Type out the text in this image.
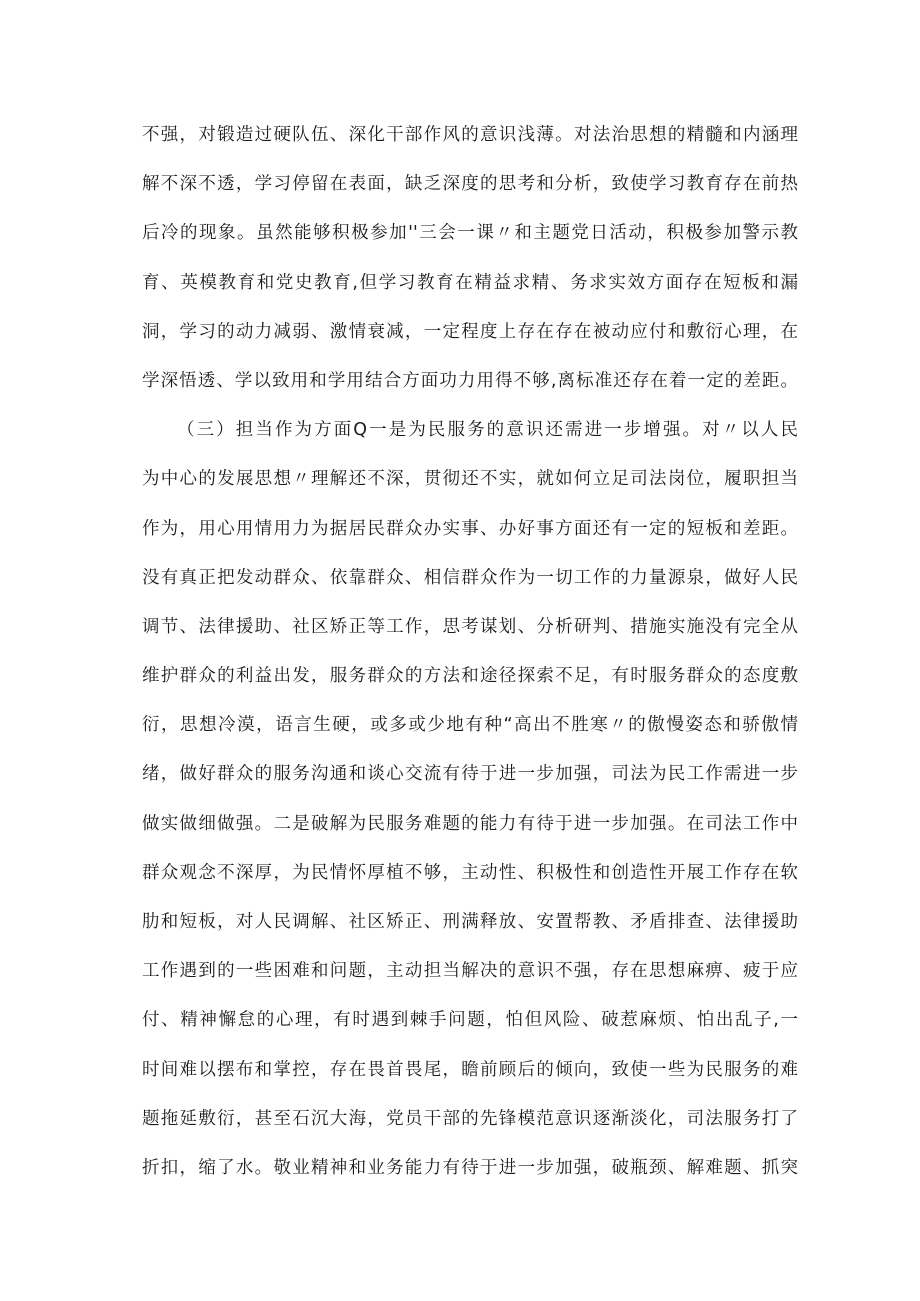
不强，对锻造过硬队伍、深化干部作风的意识浅薄。对法治思想的精髓和内涵理
解不深不透，学习停留在表面，缺乏深度的思考和分析，致使学习教育存在前热
后冷的现象。虽然能够积极参加''三会一课〃和主题党日活动，积极参加警示教
育、英模教育和党史教育,但学习教育在精益求精、务求实效方面存在短板和漏
洞，学习的动力减弱、激情衰减，一定程度上存在存在被动应付和敷衍心理，在
学深悟透、学以致用和学用结合方面功力用得不够,离标准还存在着一定的差距。
（三）担当作为方面Q一是为民服务的意识还需进一步增强。对〃以人民
为中心的发展思想〃理解还不深，贯彻还不实，就如何立足司法岗位，履职担当
作为，用心用情用力为据居民群众办实事、办好事方面还有一定的短板和差距。
没有真正把发动群众、依靠群众、相信群众作为一切工作的力量源泉，做好人民
调节、法律援助、社区矫正等工作，思考谋划、分析研判、措施实施没有完全从
维护群众的利益出发，服务群众的方法和途径探索不足，有时服务群众的态度敷
衍，思想冷漠，语言生硬，或多或少地有种“高出不胜寒〃的傲慢姿态和骄傲情
绪，做好群众的服务沟通和谈心交流有待于进一步加强，司法为民工作需进一步
做实做细做强。二是破解为民服务难题的能力有待于进一步加强。在司法工作中
群众观念不深厚，为民情怀厚植不够，主动性、积极性和创造性开展工作存在软
肋和短板，对人民调解、社区矫正、刑满释放、安置帮教、矛盾排查、法律援助
工作遇到的一些困难和问题，主动担当解决的意识不强，存在思想麻痹、疲于应
付、精神懈怠的心理，有时遇到棘手问题，怕但风险、破惹麻烦、怕出乱子,一
时间难以摆布和掌控，存在畏首畏尾，瞻前顾后的倾向，致使一些为民服务的难
题拖延敷衍，甚至石沉大海，党员干部的先锋模范意识逐渐淡化，司法服务打了
折扣，缩了水。敬业精神和业务能力有待于进一步加强，破瓶颈、解难题、抓突
